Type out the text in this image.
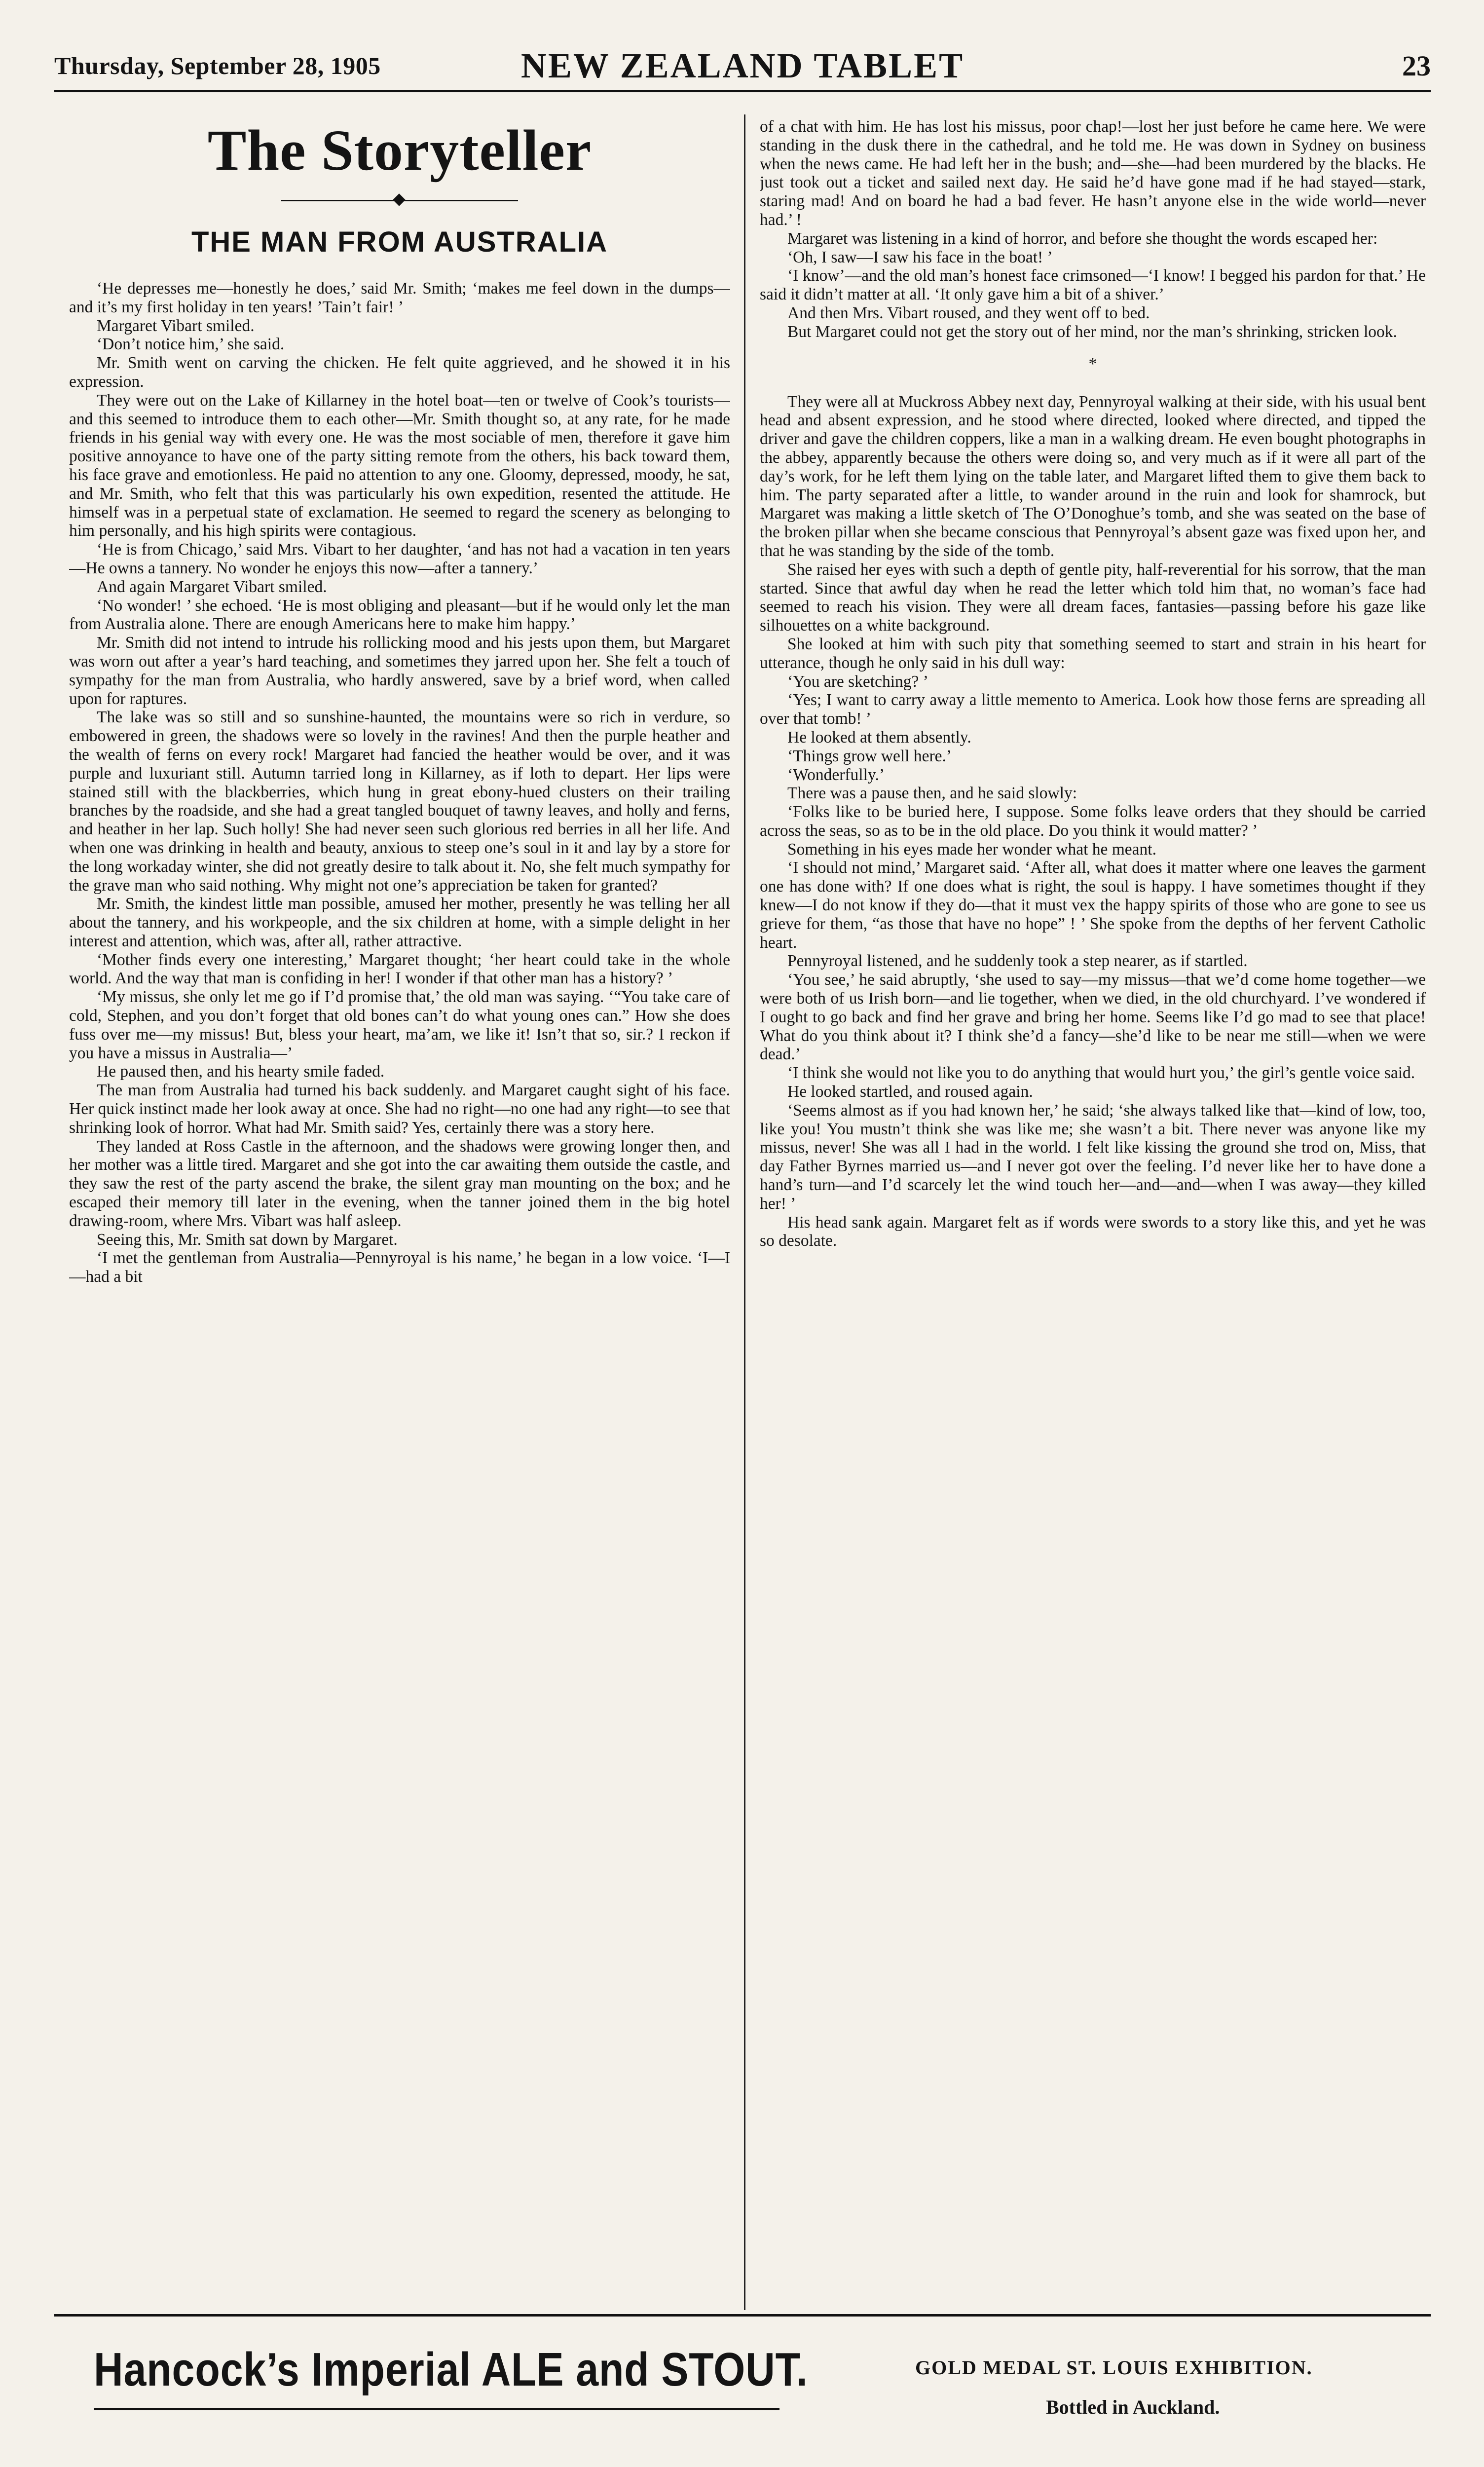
Thursday, September 28, 1905	NEW ZEALAND TABLET	23
The Storyteller
THE MAN FROM AUSTRALIA

‘He depresses me—honestly he does,’ said Mr. Smith; ‘makes me feel down in the dumps—and it’s my first holiday in ten years! ’Tain’t fair! ’

Margaret Vibart smiled.

‘Don’t notice him,’ she said.

Mr. Smith went on carving the chicken. He felt quite aggrieved, and he showed it in his expression.

They were out on the Lake of Killarney in the hotel boat—ten or twelve of Cook’s tourists—and this seemed to introduce them to each other—Mr. Smith thought so, at any rate, for he made friends in his genial way with every one. He was the most sociable of men, therefore it gave him positive annoyance to have one of the party sitting remote from the others, his back toward them, his face grave and emotionless. He paid no attention to any one. Gloomy, depressed, moody, he sat, and Mr. Smith, who felt that this was particularly his own expedition, resented the attitude. He himself was in a perpetual state of exclamation. He seemed to regard the scenery as belonging to him personally, and his high spirits were contagious.

‘He is from Chicago,’ said Mrs. Vibart to her daughter, ‘and has not had a vacation in ten years—He owns a tannery. No wonder he enjoys this now—after a tannery.’

And again Margaret Vibart smiled.

‘No wonder! ’ she echoed. ‘He is most obliging and pleasant—but if he would only let the man from Australia alone. There are enough Americans here to make him happy.’

Mr. Smith did not intend to intrude his rollicking mood and his jests upon them, but Margaret was worn out after a year’s hard teaching, and sometimes they jarred upon her. She felt a touch of sympathy for the man from Australia, who hardly answered, save by a brief word, when called upon for raptures.

The lake was so still and so sunshine-haunted, the mountains were so rich in verdure, so embowered in green, the shadows were so lovely in the ravines! And then the purple heather and the wealth of ferns on every rock! Margaret had fancied the heather would be over, and it was purple and luxuriant still. Autumn tarried long in Killarney, as if loth to depart. Her lips were stained still with the blackberries, which hung in great ebony-hued clusters on their trailing branches by the roadside, and she had a great tangled bouquet of tawny leaves, and holly and ferns, and heather in her lap. Such holly! She had never seen such glorious red berries in all her life. And when one was drinking in health and beauty, anxious to steep one’s soul in it and lay by a store for the long workaday winter, she did not greatly desire to talk about it. No, she felt much sympathy for the grave man who said nothing. Why might not one’s appreciation be taken for granted?

Mr. Smith, the kindest little man possible, amused her mother, presently he was telling her all about the tannery, and his workpeople, and the six children at home, with a simple delight in her interest and attention, which was, after all, rather attractive.

‘Mother finds every one interesting,’ Margaret thought; ‘her heart could take in the whole world. And the way that man is confiding in her! I wonder if that other man has a history? ’

‘My missus, she only let me go if I’d promise that,’ the old man was saying. ‘“You take care of cold, Stephen, and you don’t forget that old bones can’t do what young ones can.” How she does fuss over me—my missus! But, bless your heart, ma’am, we like it! Isn’t that so, sir.? I reckon if you have a missus in Australia—’

He paused then, and his hearty smile faded.

The man from Australia had turned his back suddenly. and Margaret caught sight of his face. Her quick instinct made her look away at once. She had no right—no one had any right—to see that shrinking look of horror. What had Mr. Smith said? Yes, certainly there was a story here.

They landed at Ross Castle in the afternoon, and the shadows were growing longer then, and her mother was a little tired. Margaret and she got into the car awaiting them outside the castle, and they saw the rest of the party ascend the brake, the silent gray man mounting on the box; and he escaped their memory till later in the evening, when the tanner joined them in the big hotel drawing-room, where Mrs. Vibart was half asleep.

Seeing this, Mr. Smith sat down by Margaret.

‘I met the gentleman from Australia—Pennyroyal is his name,’ he began in a low voice. ‘I—I—had a bit

of a chat with him. He has lost his missus, poor chap!—lost her just before he came here. We were standing in the dusk there in the cathedral, and he told me. He was down in Sydney on business when the news came. He had left her in the bush; and—she—had been murdered by the blacks. He just took out a ticket and sailed next day. He said he’d have gone mad if he had stayed—stark, staring mad! And on board he had a bad fever. He hasn’t anyone else in the wide world—never had.’ !

Margaret was listening in a kind of horror, and before she thought the words escaped her:

‘Oh, I saw—I saw his face in the boat! ’

‘I know’—and the old man’s honest face crimsoned—‘I know! I begged his pardon for that.’ He said it didn’t matter at all. ‘It only gave him a bit of a shiver.’

And then Mrs. Vibart roused, and they went off to bed.

But Margaret could not get the story out of her mind, nor the man’s shrinking, stricken look.

*

They were all at Muckross Abbey next day, Pennyroyal walking at their side, with his usual bent head and absent expression, and he stood where directed, looked where directed, and tipped the driver and gave the children coppers, like a man in a walking dream. He even bought photographs in the abbey, apparently because the others were doing so, and very much as if it were all part of the day’s work, for he left them lying on the table later, and Margaret lifted them to give them back to him. The party separated after a little, to wander around in the ruin and look for shamrock, but Margaret was making a little sketch of The O’Donoghue’s tomb, and she was seated on the base of the broken pillar when she became conscious that Pennyroyal’s absent gaze was fixed upon her, and that he was standing by the side of the tomb.

She raised her eyes with such a depth of gentle pity, half-reverential for his sorrow, that the man started. Since that awful day when he read the letter which told him that, no woman’s face had seemed to reach his vision. They were all dream faces, fantasies—passing before his gaze like silhouettes on a white background.

She looked at him with such pity that something seemed to start and strain in his heart for utterance, though he only said in his dull way:

‘You are sketching? ’

‘Yes; I want to carry away a little memento to America. Look how those ferns are spreading all over that tomb! ’

He looked at them absently.

‘Things grow well here.’

‘Wonderfully.’

There was a pause then, and he said slowly:

‘Folks like to be buried here, I suppose. Some folks leave orders that they should be carried across the seas, so as to be in the old place. Do you think it would matter? ’

Something in his eyes made her wonder what he meant.

‘I should not mind,’ Margaret said. ‘After all, what does it matter where one leaves the garment one has done with? If one does what is right, the soul is happy. I have sometimes thought if they knew—I do not know if they do—that it must vex the happy spirits of those who are gone to see us grieve for them, “as those that have no hope” ! ’ She spoke from the depths of her fervent Catholic heart.

Pennyroyal listened, and he suddenly took a step nearer, as if startled.

‘You see,’ he said abruptly, ‘she used to say—my missus—that we’d come home together—we were both of us Irish born—and lie together, when we died, in the old churchyard. I’ve wondered if I ought to go back and find her grave and bring her home. Seems like I’d go mad to see that place! What do you think about it? I think she’d a fancy—she’d like to be near me still—when we were dead.’

‘I think she would not like you to do anything that would hurt you,’ the girl’s gentle voice said.

He looked startled, and roused again.

‘Seems almost as if you had known her,’ he said; ‘she always talked like that—kind of low, too, like you! You mustn’t think she was like me; she wasn’t a bit. There never was anyone like my missus, never! She was all I had in the world. I felt like kissing the ground she trod on, Miss, that day Father Byrnes married us—and I never got over the feeling. I’d never like her to have done a hand’s turn—and I’d scarcely let the wind touch her—and—and—when I was away—they killed her! ’

His head sank again. Margaret felt as if words were swords to a story like this, and yet he was so desolate.

Hancock’s Imperial ALE and STOUT.	GOLD MEDAL ST. LOUIS EXHIBITION.
Bottled in Auckland.
